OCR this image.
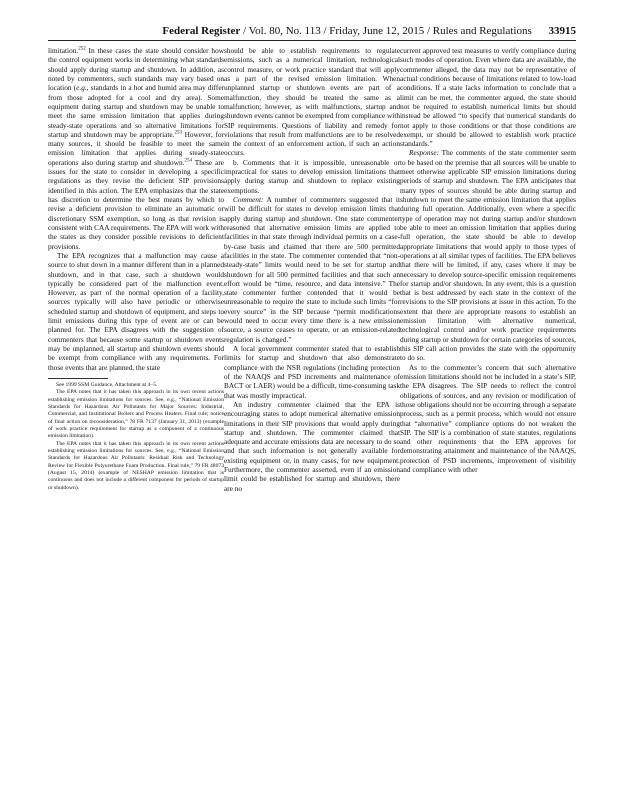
Federal Register / Vol. 80, No. 113 / Friday, June 12, 2015 / Rules and Regulations 33915

limitation.$^{252}$ In these cases the state should consider how the control equipment works in determining what standards should apply during startup and shutdown. In addition, as noted by commenters, such standards may vary based on location (e.g., standards in a hot and humid area may differ from those adopted for a cool and dry area). Some equipment during startup and shutdown may be unable to meet the same emission limitation that applies during steady-state operations and so alternative limitations for startup and shutdown may be appropriate.$^{253}$ However, for many sources, it should be feasible to meet the same emission limitation that applies during steady-state operations also during startup and shutdown.$^{254}$ These are issues for the state to consider in developing a specific regulations as they revise the deficient SIP provisions identified in this action. The EPA emphasizes that the state has discretion to determine the best means by which to revise a deficient provision to eliminate an automatic or discretionary SSM exemption, so long as that revision is consistent with CAA requirements. The EPA will work with the states as they consider possible revisions to deficient provisions.

The EPA recognizes that a malfunction may cause a source to shut down in a manner different than in a planned shutdown, and in that case, such a shutdown would typically be considered part of the malfunction event. However, as part of the normal operation of a facility, sources typically will also have periodic or otherwise scheduled startup and shutdown of equipment, and steps to limit emissions during this type of event are or can be planned for. The EPA disagrees with the suggestion of commenters that because some startup or shutdown events may be unplanned, all startup and shutdown events should be exempt from compliance with any requirements. For those events that are planned, the state

See 1999 SSM Guidance, Attachment at 4–5.

The EPA notes that it has taken this approach in its own recent actions establishing emission limitations for sources. See, e.g., “National Emission Standards for Hazardous Air Pollutants for Major Sources: Industrial, Commercial, and Institutional Boilers and Process Heaters. Final rule; notice of final action on reconsideration,” 78 FR 7137 (January 31, 2013) (example of work practice requirement for startup as a component of a continuous emission limitation).

The EPA notes that it has taken this approach in its own recent actions establishing emission limitations for sources. See, e.g., “National Emission Standards for Hazardous Air Pollutants: Residual Risk and Technology Review for Flexible Polyurethane Foam Production. Final rule,” 79 FR 48073 (August 15, 2014) (example of NESHAP emission limitation that is continuous and does not include a different component for periods of startup or shutdown).

should be able to establish requirements to regulate emissions, such as a numerical limitation, technological control measure, or work practice standard that will apply as a part of the revised emission limitation. When unplanned startup or shutdown events are part of a malfunction, they should be treated the same as a malfunction; however, as with malfunctions, startup and shutdown events cannot be exempted from compliance with SIP requirements. Questions of liability and remedy for violations that result from malfunctions are to be resolved in the context of an enforcement action, if such an action occurs.

b. Comments that it is impossible, unreasonable or impractical for states to develop emission limitations that apply during startup and shutdown to replace existing exemptions.

Comment: A number of commenters suggested that it will be difficult for states to develop emission limits that apply during startup and shutdown. One state commenter reasoned that alternative emission limits are applied to facilities in that state through individual permits on a case-by-case basis and claimed that there are 500 permitted facilities in the state. The commenter contended that “non-steady-state” limits would need to be set for startup and shutdown for all 500 permitted facilities and that such an effort would be “time, resource, and data intensive.” The state commenter further contended that it would be unreasonable to require the state to include such limits “for every source” in the SIP because “permit modifications would need to occur every time there is a new emission source, a source ceases to operate, or an emission-related regulation is changed.”

A local government commenter stated that to establish limits for startup and shutdown that also demonstrate compliance with the NSR regulations (including protection of the NAAQS and PSD increments and maintenance of BACT or LAER) would be a difficult, time-consuming task that was mostly impractical.

An industry commenter claimed that the EPA is encouraging states to adopt numerical alternative emission limitations in their SIP provisions that would apply during startup and shutdown. The commenter claimed that adequate and accurate emissions data are necessary to do so and that such information is not generally available for existing equipment or, in many cases, for new equipment. Furthermore, the commenter asserted, even if an emission limit could be established for startup and shutdown, there are no

current approved test measures to verify compliance during such modes of operation. Even where data are available, the commenter alleged, the data may not be representative of actual conditions because of limitations related to low-load conditions. If a state lacks information to conclude that a limit can be met, the commenter argued, the state should not be required to establish numerical limits but should instead be allowed “to specify that numerical standards do not apply to those conditions or that those conditions are exempt, or should be allowed to establish work practice standards.”

Response: The comments of the state commenter seem to be based on the premise that all sources will be unable to meet otherwise applicable SIP emission limitations during periods of startup and shutdown. The EPA anticipates that many types of sources should be able during startup and shutdown to meet the same emission limitation that applies during full operation. Additionally, even where a specific type of operation may not during startup and/or shutdown be able to meet an emission limitation that applies during full operation, the state should be able to develop appropriate limitations that would apply to those types of operations at all similar types of facilities. The EPA believes that there will be limited, if any, cases where it may be necessary to develop source-specific emission requirements for startup and/or shutdown. In any event, this is a question that is best addressed by each state in the context of the revisions to the SIP provisions at issue in this action. To the extent that there are appropriate reasons to establish an emission limitation with alternative numerical, technological control and/or work practice requirements during startup or shutdown for certain categories of sources, this SIP call action provides the state with the opportunity to do so.

As to the commenter’s concern that such alternative emission limitations should not be included in a state’s SIP, the EPA disagrees. The SIP needs to reflect the control obligations of sources, and any revision or modification of those obligations should not be occurring through a separate process, such as a permit process, which would not ensure that “alternative” compliance options do not weaken the SIP. The SIP is a combination of state statutes, regulations and other requirements that the EPA approves for demonstrating attainment and maintenance of the NAAQS, protection of PSD increments, improvement of visibility and compliance with other
